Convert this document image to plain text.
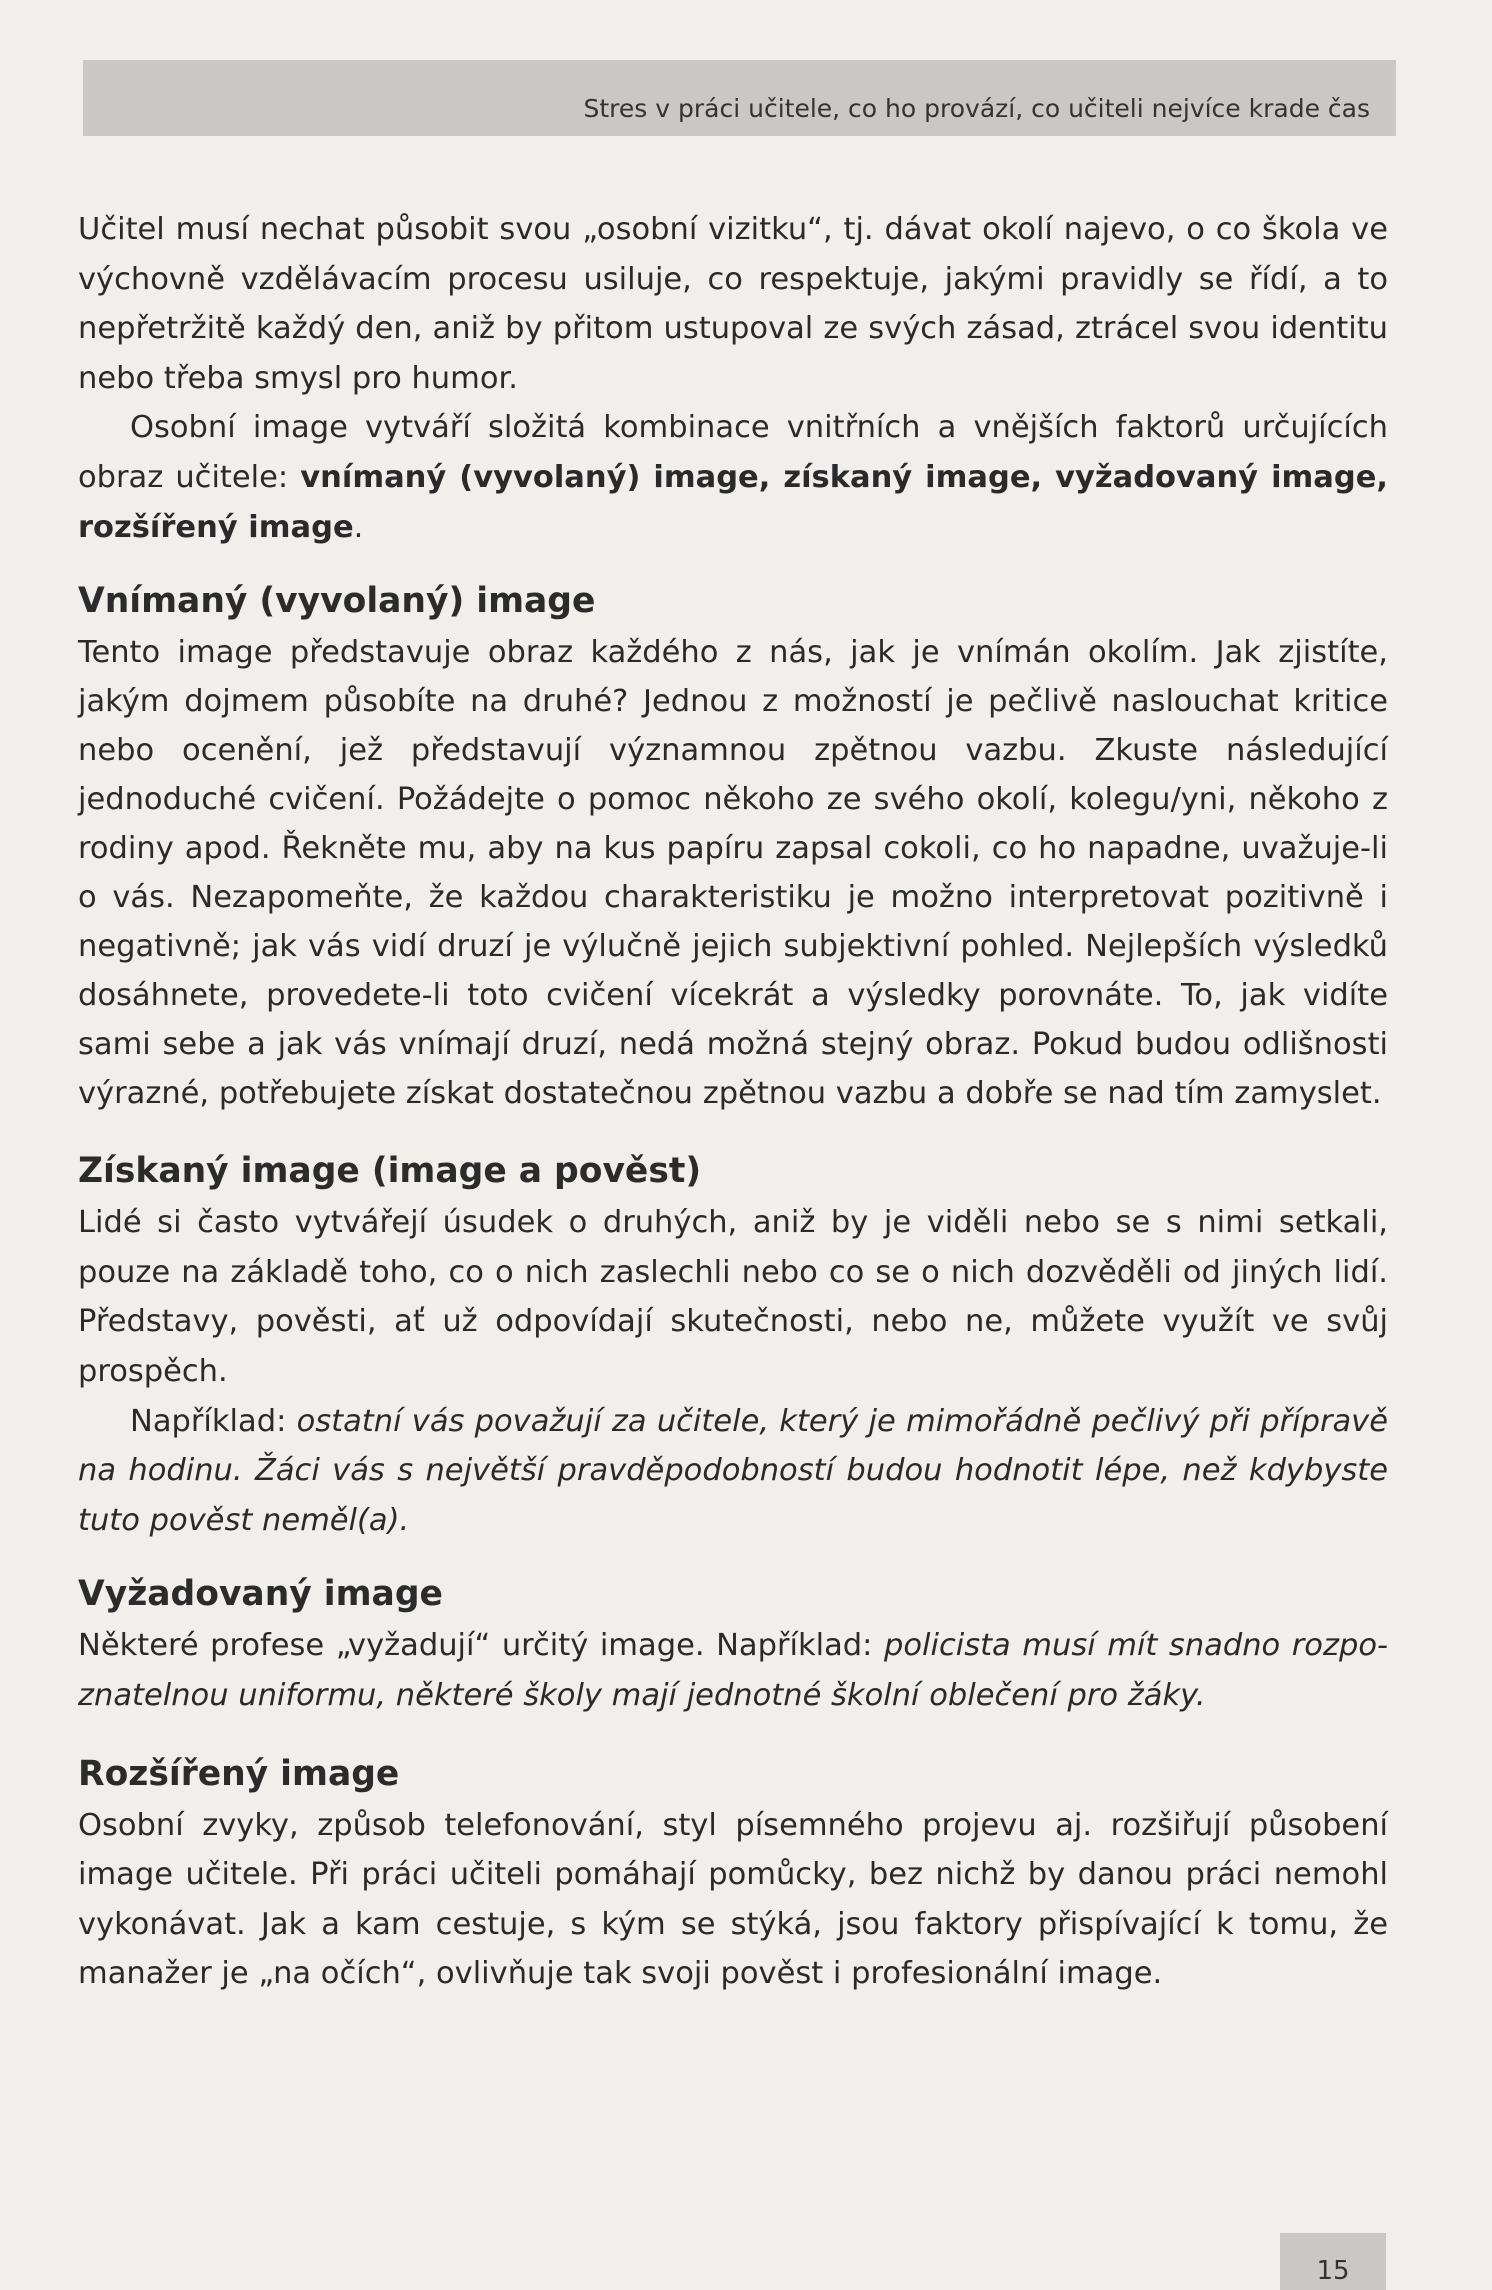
Stres v práci učitele, co ho provází, co učiteli nejvíce krade čas

Učitel musí nechat působit svou „osobní vizitku“, tj. dávat okolí najevo, o co škola ve výchovně vzdělávacím procesu usiluje, co respektuje, jakými pravidly se řídí, a to nepřetržitě každý den, aniž by přitom ustupoval ze svých zásad, ztrácel svou identitu nebo třeba smysl pro humor.

Osobní image vytváří složitá kombinace vnitřních a vnějších faktorů určujících obraz učitele: vnímaný (vyvolaný) image, získaný image, vyžadovaný image, rozšířený image.

Vnímaný (vyvolaný) image

Tento image představuje obraz každého z nás, jak je vnímán okolím. Jak zjistíte, jakým dojmem působíte na druhé? Jednou z možností je pečlivě naslouchat kritice nebo ocenění, jež představují významnou zpětnou vazbu. Zkuste následující jednoduché cvičení. Požádejte o pomoc někoho ze svého okolí, kolegu/yni, někoho z rodiny apod. Řekněte mu, aby na kus papíru zapsal cokoli, co ho napadne, uvažuje-li o vás. Nezapomeňte, že každou charakteristiku je možno interpretovat pozitivně i negativně; jak vás vidí druzí je výlučně jejich subjektivní pohled. Nejlepších výsledků dosáhnete, provedete-li toto cvičení vícekrát a výsledky porovnáte. To, jak vidíte sami sebe a jak vás vnímají druzí, nedá možná stejný obraz. Pokud budou odlišnosti výrazné, potřebujete získat dostatečnou zpětnou vazbu a dobře se nad tím zamyslet.

Získaný image (image a pověst)

Lidé si často vytvářejí úsudek o druhých, aniž by je viděli nebo se s nimi setkali, pouze na základě toho, co o nich zaslechli nebo co se o nich dozvěděli od jiných lidí. Představy, pověsti, ať už odpovídají skutečnosti, nebo ne, můžete využít ve svůj prospěch.

Například: ostatní vás považují za učitele, který je mimořádně pečlivý při přípravě na hodinu. Žáci vás s největší pravděpodobností budou hodnotit lépe, než kdybyste tuto pověst neměl(a).

Vyžadovaný image

Některé profese „vyžadují“ určitý image. Například: policista musí mít snadno rozpoznatelnou uniformu, některé školy mají jednotné školní oblečení pro žáky.

Rozšířený image

Osobní zvyky, způsob telefonování, styl písemného projevu aj. rozšiřují působení image učitele. Při práci učiteli pomáhají pomůcky, bez nichž by danou práci nemohl vykonávat. Jak a kam cestuje, s kým se stýká, jsou faktory přispívající k tomu, že manažer je „na očích“, ovlivňuje tak svoji pověst i profesionální image.

15
